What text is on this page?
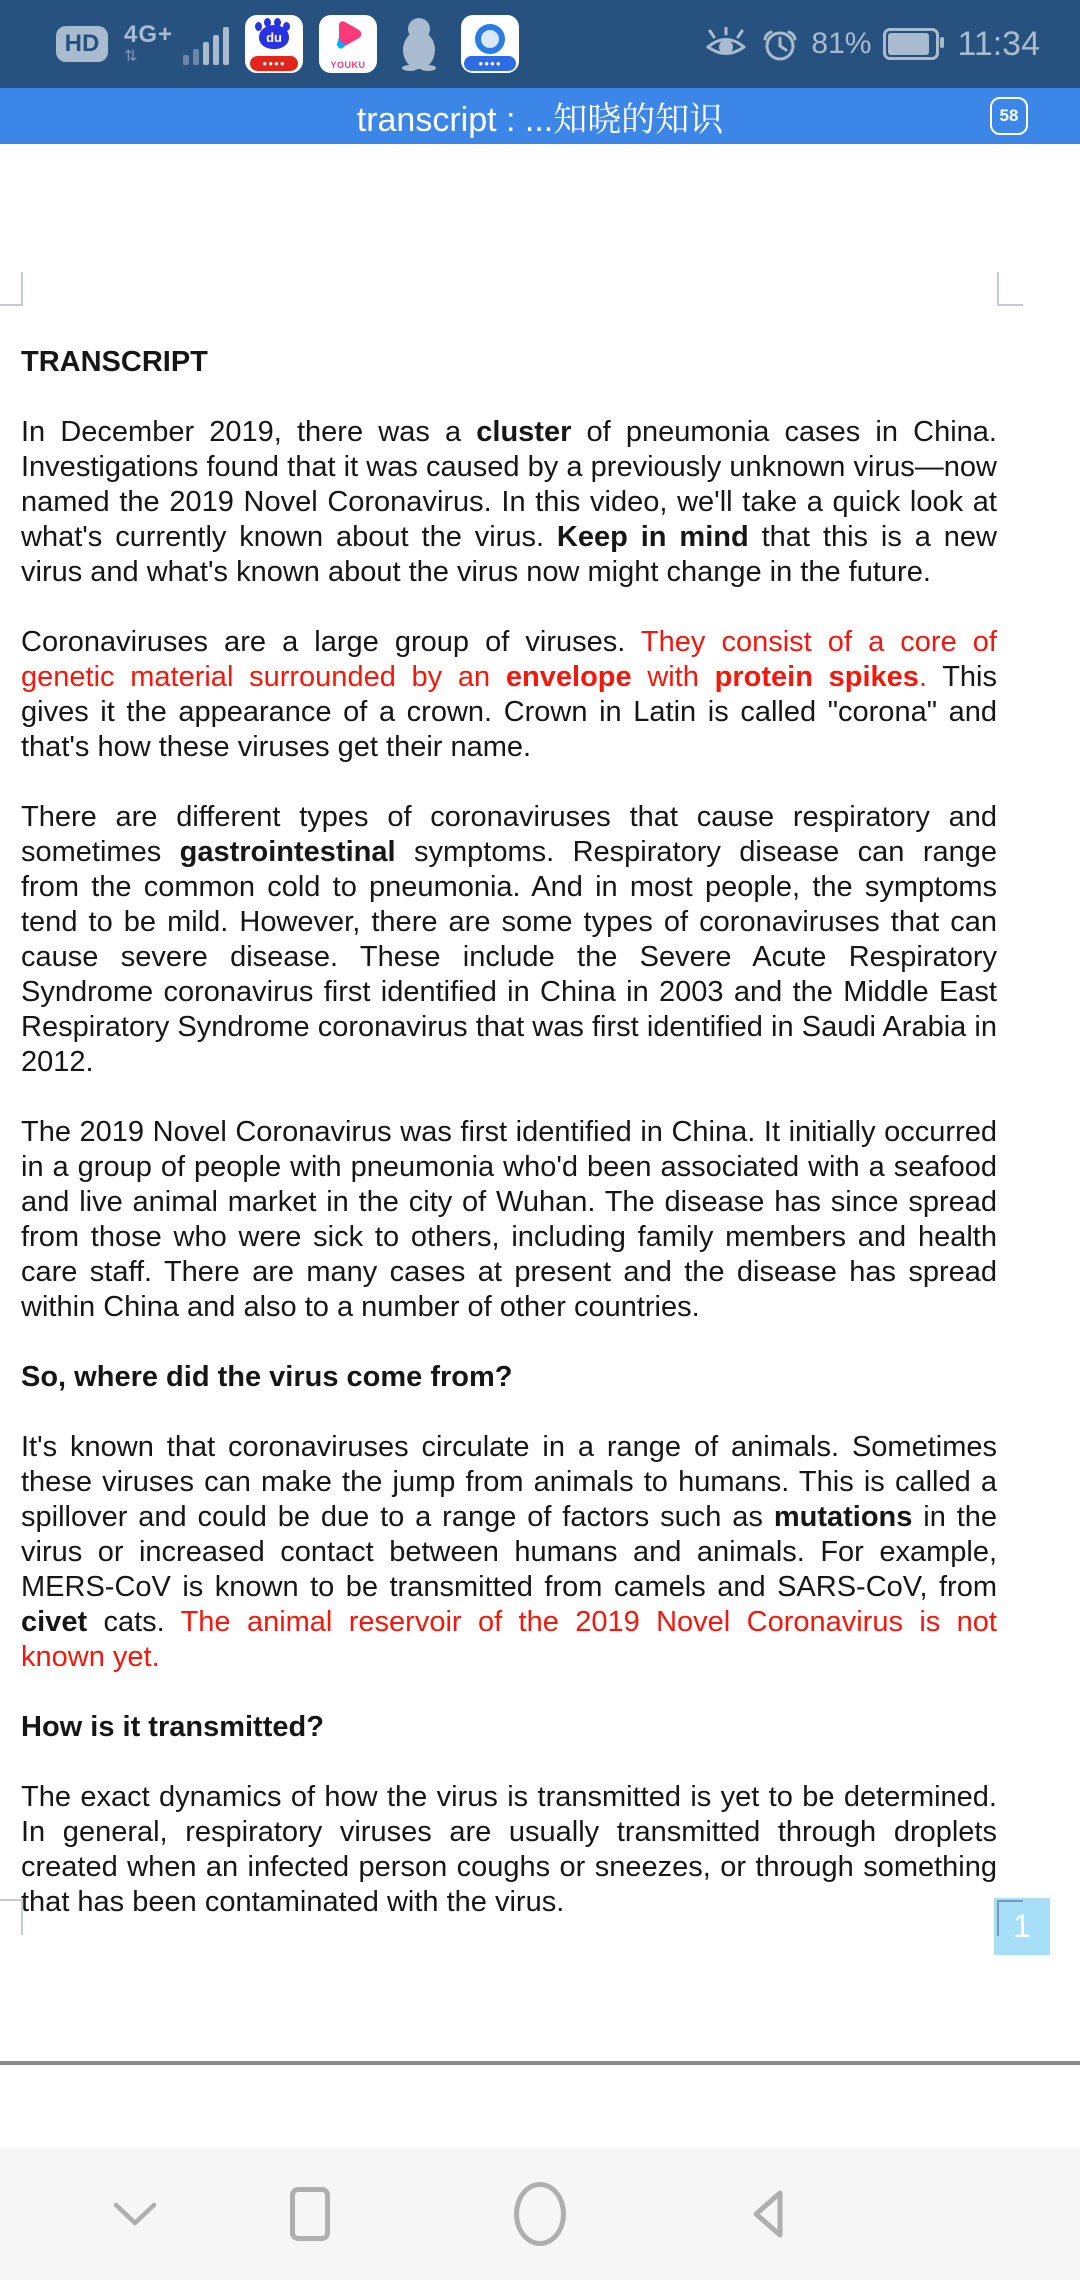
HD	4G+
⇅
du
●●●●	YOUKU	●●●●
81%	11:34
transcript : ...知晓的知识	58

TRANSCRIPT

In December 2019, there was a cluster of pneumonia cases in China. Investigations found that it was caused by a previously unknown virus—now named the 2019 Novel Coronavirus. In this video, we'll take a quick look at what's currently known about the virus. Keep in mind that this is a new virus and what's known about the virus now might change in the future.

Coronaviruses are a large group of viruses. They consist of a core of genetic material surrounded by an envelope with protein spikes. This gives it the appearance of a crown. Crown in Latin is called "corona" and that's how these viruses get their name.

There are different types of coronaviruses that cause respiratory and sometimes gastrointestinal symptoms. Respiratory disease can range from the common cold to pneumonia. And in most people, the symptoms tend to be mild. However, there are some types of coronaviruses that can cause severe disease. These include the Severe Acute Respiratory Syndrome coronavirus first identified in China in 2003 and the Middle East Respiratory Syndrome coronavirus that was first identified in Saudi Arabia in 2012.

The 2019 Novel Coronavirus was first identified in China. It initially occurred in a group of people with pneumonia who'd been associated with a seafood and live animal market in the city of Wuhan. The disease has since spread from those who were sick to others, including family members and health care staff. There are many cases at present and the disease has spread within China and also to a number of other countries.

So, where did the virus come from?

It's known that coronaviruses circulate in a range of animals. Sometimes these viruses can make the jump from animals to humans. This is called a spillover and could be due to a range of factors such as mutations in the virus or increased contact between humans and animals. For example, MERS-CoV is known to be transmitted from camels and SARS-CoV, from civet cats. The animal reservoir of the 2019 Novel Coronavirus is not known yet.

How is it transmitted?

The exact dynamics of how the virus is transmitted is yet to be determined. In general, respiratory viruses are usually transmitted through droplets created when an infected person coughs or sneezes, or through something that has been contaminated with the virus.

1
